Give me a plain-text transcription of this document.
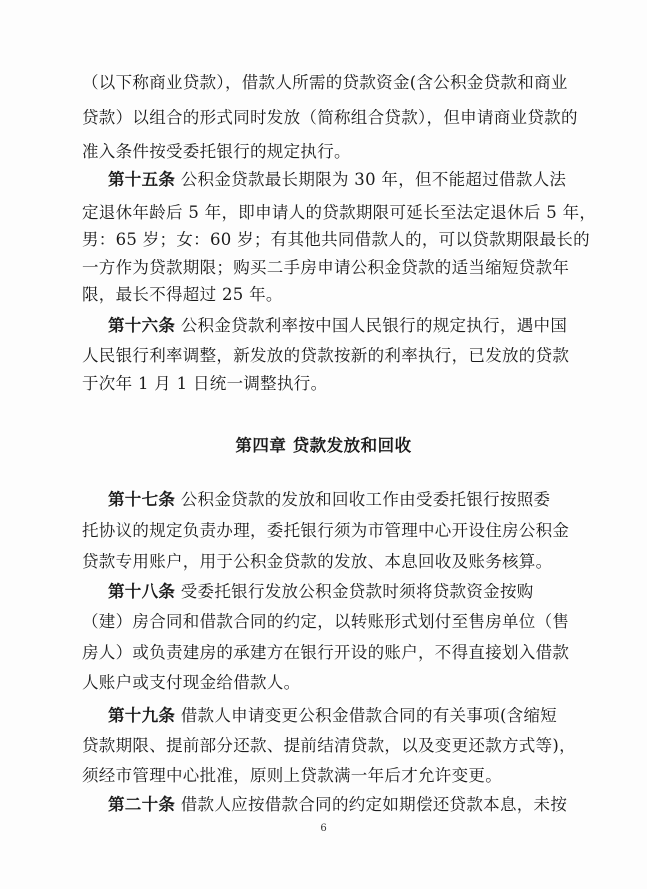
（以下称商业贷款），借款人所需的贷款资金(含公积金贷款和商业
贷款）以组合的形式同时发放（简称组合贷款），但申请商业贷款的
准入条件按受委托银行的规定执行。
第十五条 公积金贷款最长期限为 30 年，但不能超过借款人法
定退休年龄后 5 年，即申请人的贷款期限可延长至法定退休后 5 年，
男：65 岁；女：60 岁；有其他共同借款人的，可以贷款期限最长的
一方作为贷款期限；购买二手房申请公积金贷款的适当缩短贷款年
限，最长不得超过 25 年。
第十六条 公积金贷款利率按中国人民银行的规定执行，遇中国
人民银行利率调整，新发放的贷款按新的利率执行，已发放的贷款
于次年 1 月 1 日统一调整执行。
第四章 贷款发放和回收
第十七条 公积金贷款的发放和回收工作由受委托银行按照委
托协议的规定负责办理，委托银行须为市管理中心开设住房公积金
贷款专用账户，用于公积金贷款的发放、本息回收及账务核算。
第十八条 受委托银行发放公积金贷款时须将贷款资金按购
（建）房合同和借款合同的约定，以转账形式划付至售房单位（售
房人）或负责建房的承建方在银行开设的账户，不得直接划入借款
人账户或支付现金给借款人。
第十九条 借款人申请变更公积金借款合同的有关事项(含缩短
贷款期限、提前部分还款、提前结清贷款，以及变更还款方式等)，
须经市管理中心批准，原则上贷款满一年后才允许变更。
第二十条 借款人应按借款合同的约定如期偿还贷款本息，未按
6
